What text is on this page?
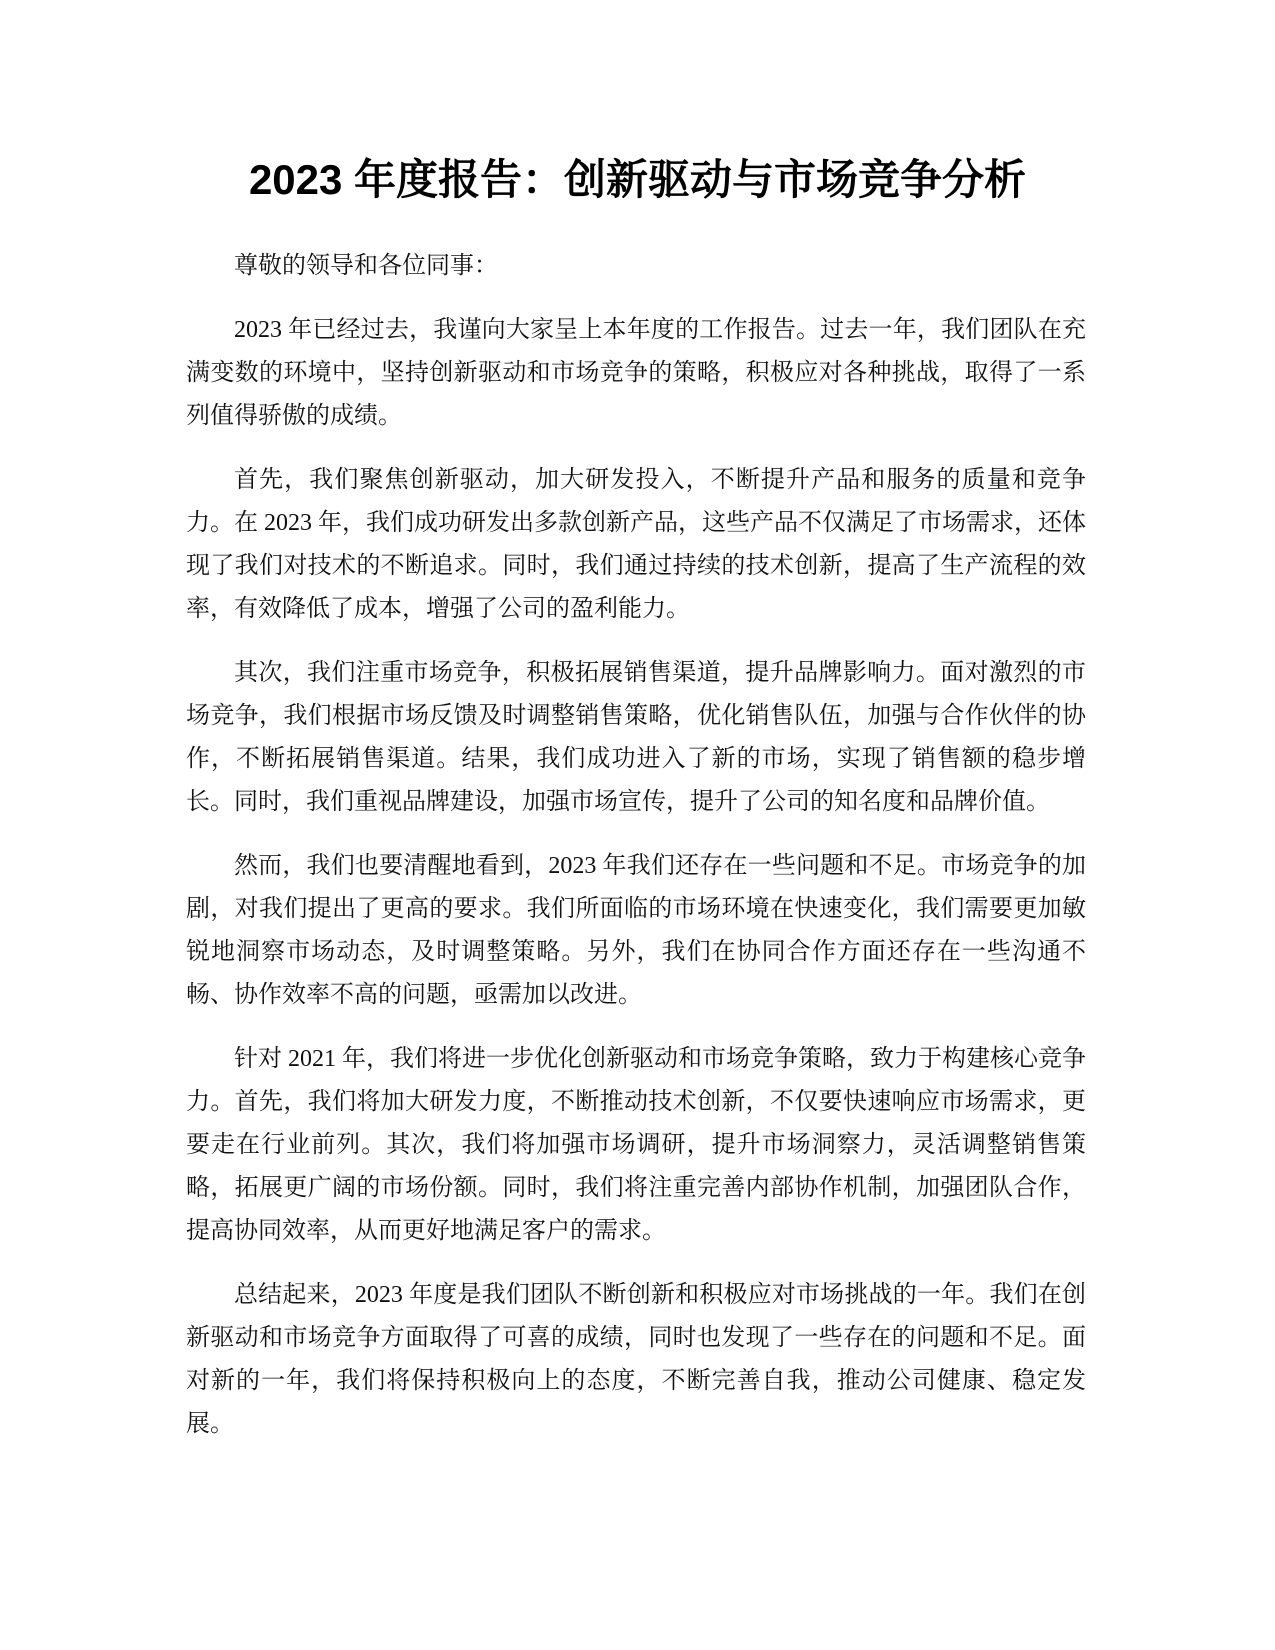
2023 年度报告：创新驱动与市场竞争分析

尊敬的领导和各位同事：

2023 年已经过去，我谨向大家呈上本年度的工作报告。过去一年，我们团队在充满变数的环境中，坚持创新驱动和市场竞争的策略，积极应对各种挑战，取得了一系列值得骄傲的成绩。

首先，我们聚焦创新驱动，加大研发投入，不断提升产品和服务的质量和竞争力。在 2023 年，我们成功研发出多款创新产品，这些产品不仅满足了市场需求，还体现了我们对技术的不断追求。同时，我们通过持续的技术创新，提高了生产流程的效率，有效降低了成本，增强了公司的盈利能力。

其次，我们注重市场竞争，积极拓展销售渠道，提升品牌影响力。面对激烈的市场竞争，我们根据市场反馈及时调整销售策略，优化销售队伍，加强与合作伙伴的协作，不断拓展销售渠道。结果，我们成功进入了新的市场，实现了销售额的稳步增长。同时，我们重视品牌建设，加强市场宣传，提升了公司的知名度和品牌价值。

然而，我们也要清醒地看到，2023 年我们还存在一些问题和不足。市场竞争的加剧，对我们提出了更高的要求。我们所面临的市场环境在快速变化，我们需要更加敏锐地洞察市场动态，及时调整策略。另外，我们在协同合作方面还存在一些沟通不畅、协作效率不高的问题，亟需加以改进。

针对 2021 年，我们将进一步优化创新驱动和市场竞争策略，致力于构建核心竞争力。首先，我们将加大研发力度，不断推动技术创新，不仅要快速响应市场需求，更要走在行业前列。其次，我们将加强市场调研，提升市场洞察力，灵活调整销售策略，拓展更广阔的市场份额。同时，我们将注重完善内部协作机制，加强团队合作，提高协同效率，从而更好地满足客户的需求。

总结起来，2023 年度是我们团队不断创新和积极应对市场挑战的一年。我们在创新驱动和市场竞争方面取得了可喜的成绩，同时也发现了一些存在的问题和不足。面对新的一年，我们将保持积极向上的态度，不断完善自我，推动公司健康、稳定发展。
